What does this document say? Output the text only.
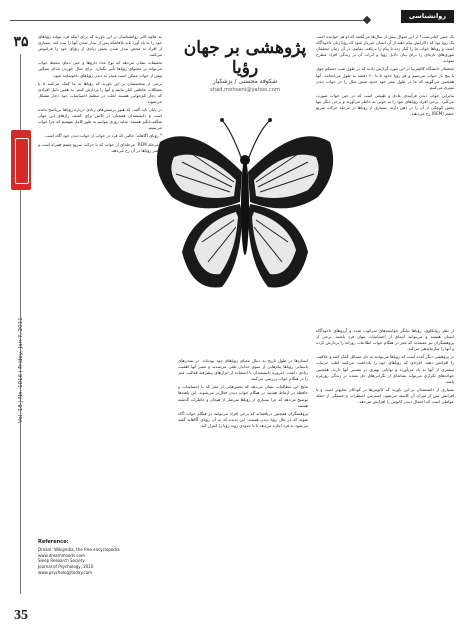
روانشناسی
۳۵
Vol. 18 | No. 1016 | Friday, Jan 7, 2011
35

یک چنین کتابی‌ست؟ از این سوال پیش از سال‌ها می‌گفتند که او هر خوابیده است یک رویا بود که ذاکرانش پیام دهند از آن انسان خبردار شود که رؤیا زبان ناخودآگاه است و رویاها خواب ما را کنار زده تا پیام را دریافت نماییم. در آن زمان محققان تئوری‌های تازه‌ای را برای بیان دلایل رؤیا و اثرات آن بر زندگی افراد مطرح نمودند.

محققان دانشگاه کالیفرنیا در این مورد گزارش دادند که در طول شب دستکم چهار یا پنج بار خواب می‌بینیم و هر رؤیا حدود ۵ تا ۲۰ دقیقه به طول می‌انجامد. آنها همچنین می‌گویند که ما در طول عمر خود حدود شش سال را در خواب دیدن سپری می‌کنیم.

بنابراین خواب دیدن فرآیندی عادی و طبیعی است که در حین خواب صورت می‌گیرد. برخی افراد رؤیاهای خود را به خوبی به خاطر می‌آورند و برخی دیگر تنها بخش کوچکی از آن را در ذهن دارند. بسیاری از رویاها در مرحله حرکت سریع چشم (REM) رخ می‌دهند.

از نظر روانکاوی، رؤیاها بیانگر خواسته‌های سرکوب شده و آرزوهای ناخودآگاه انسان هستند و می‌توانند آینه‌ای از احساسات پنهان فرد باشند. برخی از پژوهشگران نیز معتقدند که مغز در هنگام خواب اطلاعات روزانه را پردازش کرده و آنها را سازماندهی می‌کند.

در پژوهشی دیگر آمده است که رویاها می‌توانند به حل مسائل کمک کنند و خلاقیت را افزایش دهند. افرادی که رؤیاهای خود را یادداشت می‌کنند اغلب جزئیات بیشتری از آنها به یاد می‌آورند و توانایی بهتری در تفسیر آنها دارند. همچنین خواب‌های تکراری می‌تواند نشانه‌ای از نگرانی‌های حل نشده در زندگی روزمره باشد.

بسیاری از دانشمندان بر این باورند که کابوس‌ها در کودکان شایع‌تر است و با افزایش سن از میزان آن کاسته می‌شود. استرس، اضطراب و خستگی از جمله عواملی است که احتمال دیدن کابوس را افزایش می‌دهد.

پژوهشی بر جهان رؤیا
شکوفه محسنی / پزشکیار
shad.mohseni@yahoo.com

انسان‌ها در طول تاریخ به دنبال معنای رویاهای خود بوده‌اند. در تمدن‌های باستانی رؤیاها پیام‌هایی از سوی خدایان تلقی می‌شدند و تعبیر آنها اهمیت زیادی داشت. امروزه دانشمندان با استفاده از ابزارهای پیشرفته فعالیت مغز را در هنگام خواب بررسی می‌کنند.

نتایج این مطالعات نشان می‌دهد که بخش‌هایی از مغز که با احساسات و حافظه در ارتباط هستند در هنگام خواب دیدن فعال‌تر می‌شوند. این یافته‌ها توضیح می‌دهد که چرا بسیاری از رؤیاها سرشار از هیجان و خاطرات گذشته هستند.

پژوهشگران همچنین دریافته‌اند که برخی افراد می‌توانند در هنگام خواب آگاه شوند که در حال رؤیا دیدن هستند. این پدیده که به آن رؤیای آگاهانه گفته می‌شود به فرد اجازه می‌دهد تا تا حدودی روند رؤیا را کنترل کند.

به علاوه اکثر روانشناسان بر این باورند که برای اینکه فرد بتواند رؤیاهای خود را به یاد آورد باید بلافاصله پس از بیدار شدن آنها را ثبت کند. بسیاری از افراد به محض بیدار شدن بخش زیادی از رؤیای خود را فراموش می‌کنند.

تحقیقات نشان می‌دهد که نوع غذا، داروها و حتی دمای محیط خواب می‌تواند بر محتوای رؤیاها تأثیر بگذارد. برای مثال خوردن غذای سنگین پیش از خواب ممکن است منجر به دیدن رؤیاهای ناخوشایند شود.

برخی از متخصصان بر این باورند که رؤیاها به ما کمک می‌کنند تا با مشکلات عاطفی کنار بیاییم و آنها را پردازش کنیم. به همین دلیل افرادی که دچار کم‌خوابی هستند اغلب در تنظیم احساسات خود دچار مشکل می‌شوند.

در پایان باید گفت که هنوز پرسش‌های زیادی درباره رؤیاها بی‌پاسخ مانده است و دانشمندان همچنان در تلاش برای کشف رازهای این جهان شگفت‌انگیز هستند. شاید روزی بتوانیم به طور کامل بفهمیم که چرا خواب می‌بینیم.

* رؤیای آگاهانه: حالتی که فرد در خواب از خواب دیدن خود آگاه است.

* مرحله REM: مرحله‌ای از خواب که با حرکت سریع چشم همراه است و بیشتر رؤیاها در آن رخ می‌دهد.

Reference:
Dream: Wikipedia, the free encyclopedia
www.dreammoods.com
Sleep Research Society
Journal of Psychology, 2010
www.psychologytoday.com
